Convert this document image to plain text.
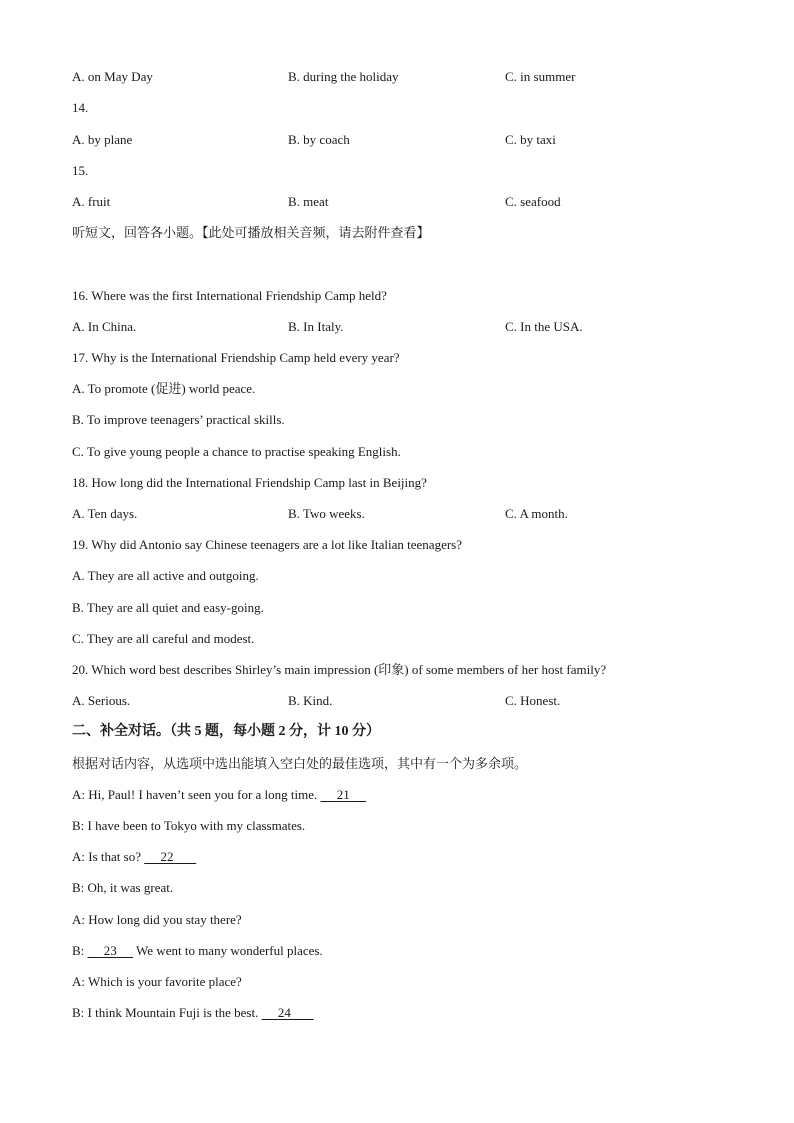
A. on May Day	B. during the holiday	C. in summer
14.
A. by plane	B. by coach	C. by taxi
15.
A. fruit	B. meat	C. seafood
听短文，回答各小题。【此处可播放相关音频，请去附件查看】
16. Where was the first International Friendship Camp held?
A. In China.	B. In Italy.	C. In the USA.
17. Why is the International Friendship Camp held every year?
A. To promote (促进) world peace.
B. To improve teenagers’ practical skills.
C. To give young people a chance to practise speaking English.
18. How long did the International Friendship Camp last in Beijing?
A. Ten days.	B. Two weeks.	C. A month.
19. Why did Antonio say Chinese teenagers are a lot like Italian teenagers?
A. They are all active and outgoing.
B. They are all quiet and easy-going.
C. They are all careful and modest.
20. Which word best describes Shirley’s main impression (印象) of some members of her host family?
A. Serious.	B. Kind.	C. Honest.
二、补全对话。（共 5 题，每小题 2 分，计 10 分）
根据对话内容，从选项中选出能填入空白处的最佳选项，其中有一个为多余项。
A: Hi, Paul! I haven’t seen you for a long time.      21
B: I have been to Tokyo with my classmates.
A: Is that so?      22
B: Oh, it was great.
A: How long did you stay there?
B:      23      We went to many wonderful places.
A: Which is your favorite place?
B: I think Mountain Fuji is the best.      24
